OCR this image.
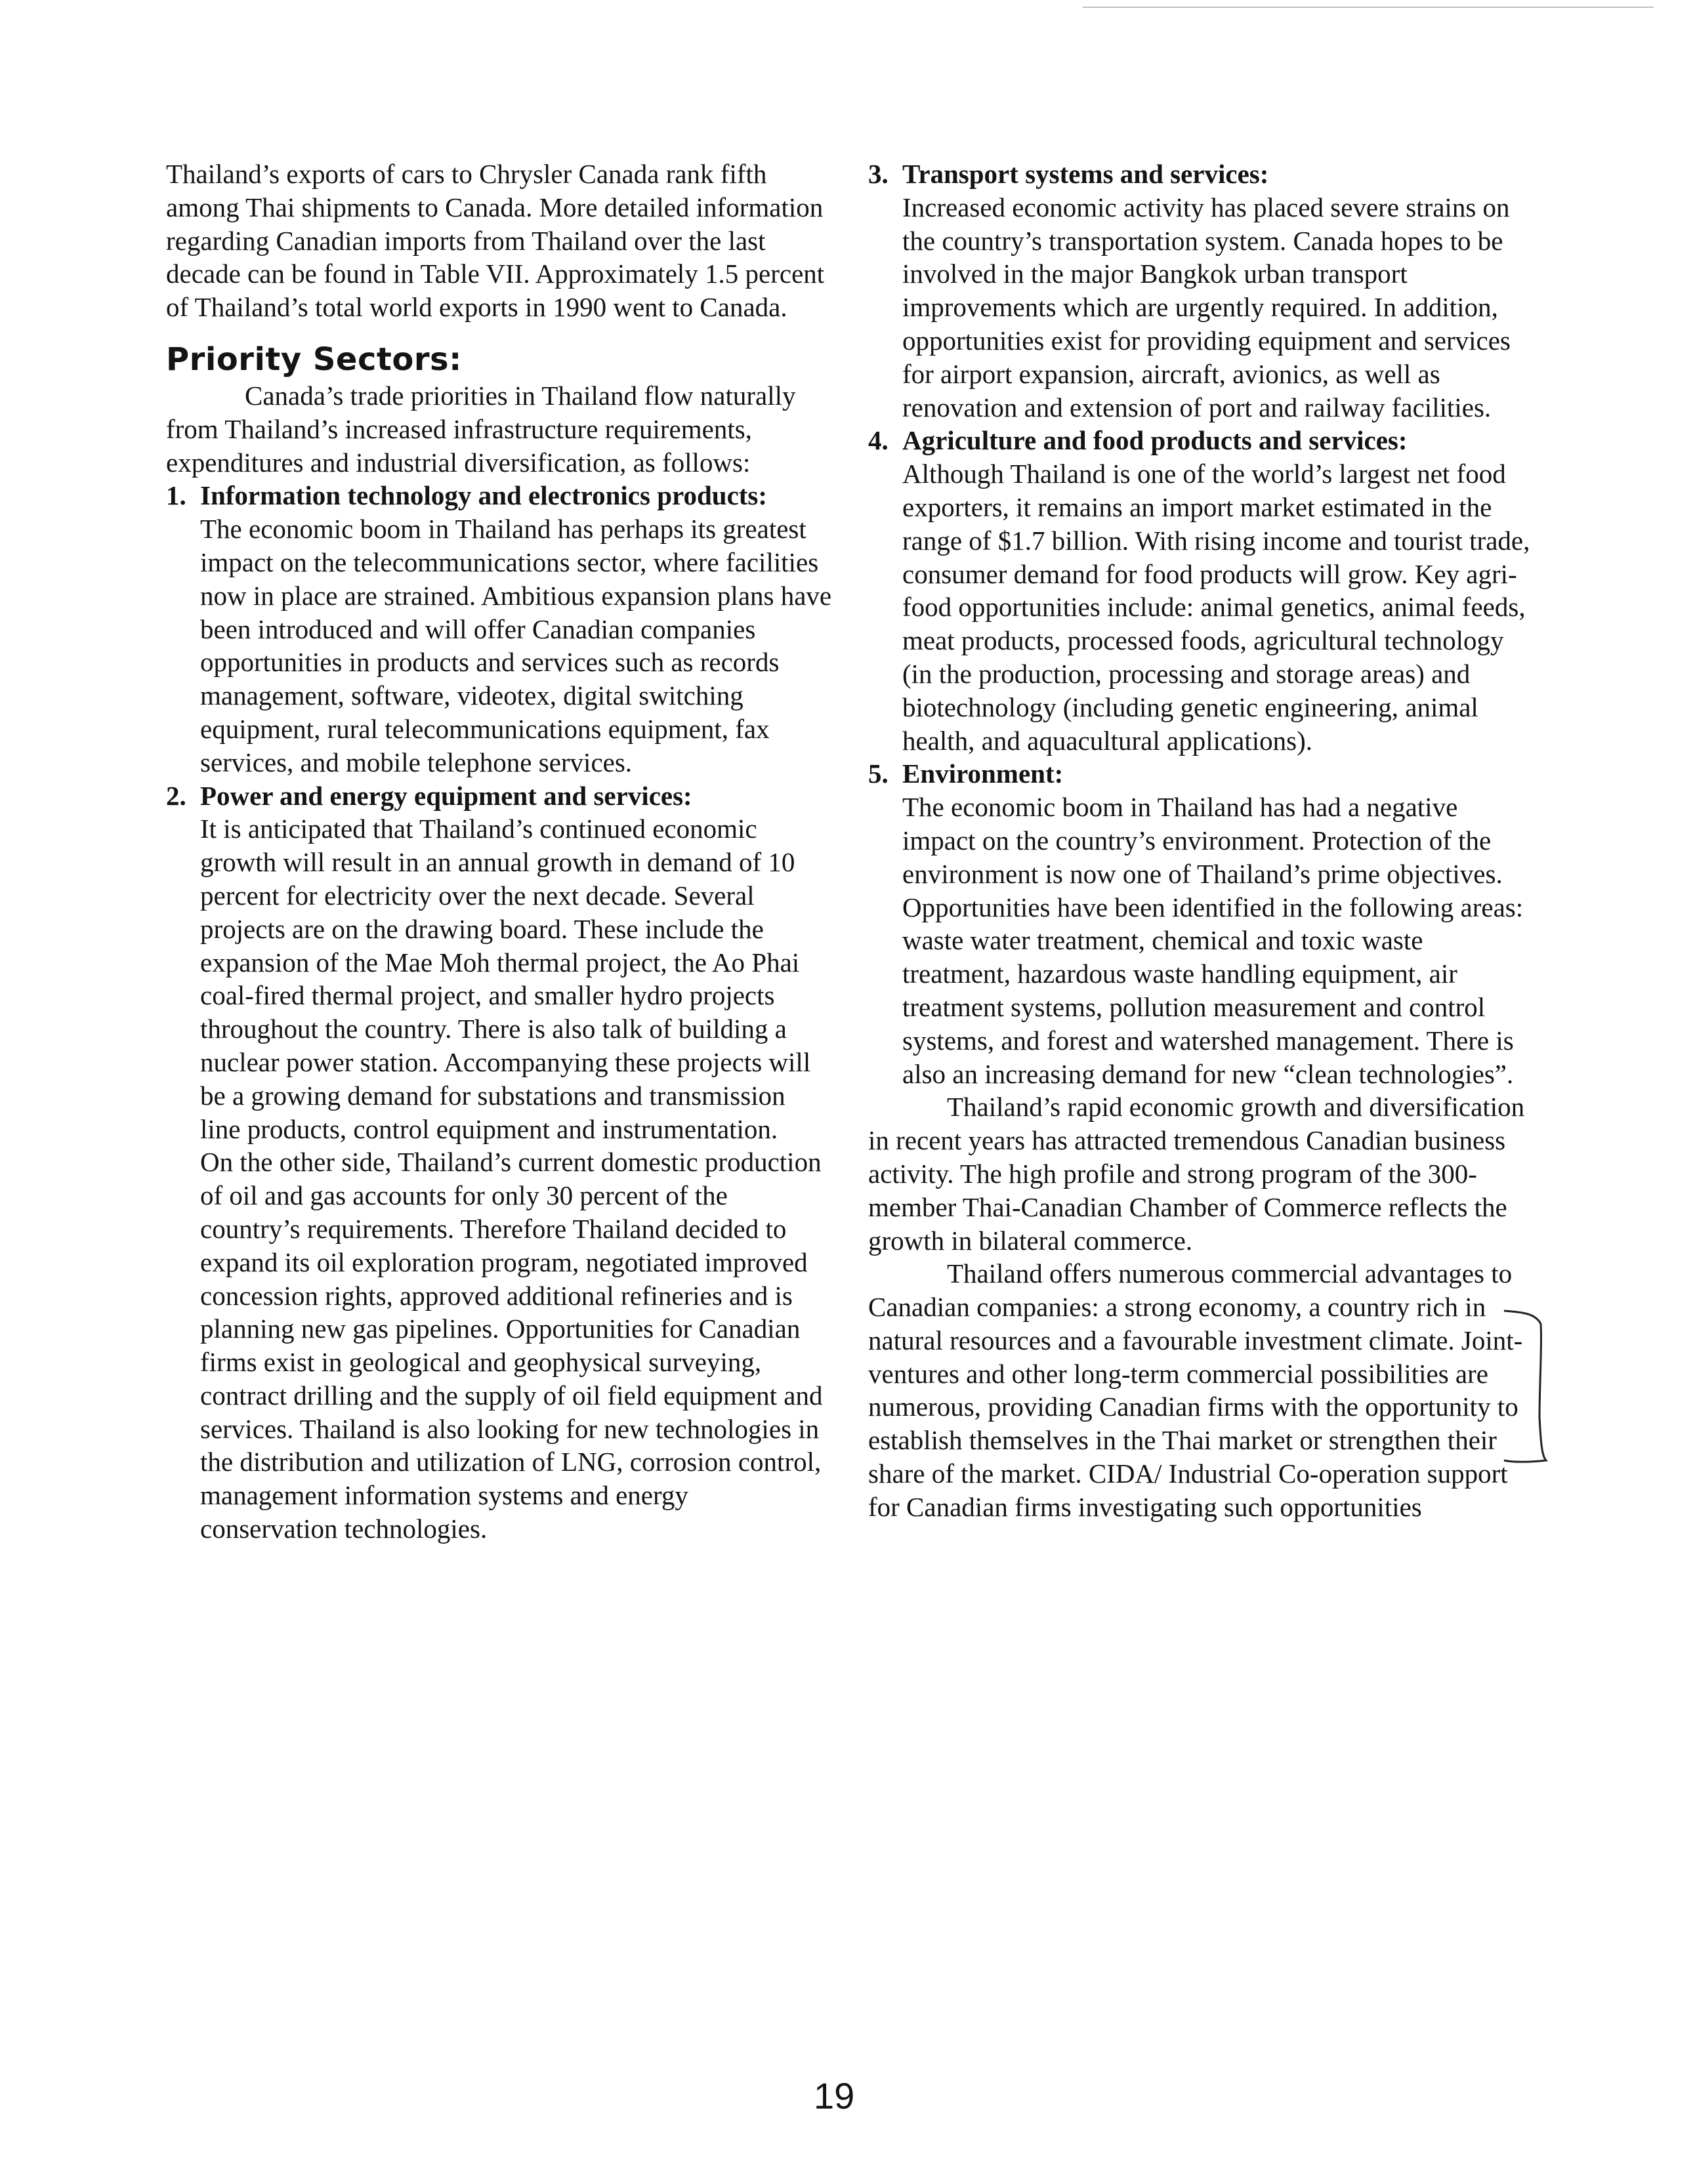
Thailand’s exports of cars to Chrysler Canada rank fifth among Thai shipments to Canada. More detailed information regarding Canadian imports from Thailand over the last decade can be found in Table VII. Approximately 1.5 percent of Thailand’s total world exports in 1990 went to Canada.

Priority Sectors:

Canada’s trade priorities in Thailand flow naturally from Thailand’s increased infrastructure requirements, expenditures and industrial diversification, as follows:

1. Information technology and electronics products:

The economic boom in Thailand has perhaps its greatest impact on the telecommunications sector, where facilities now in place are strained. Ambitious expansion plans have been introduced and will offer Canadian companies opportunities in products and services such as records management, software, videotex, digital switching equipment, rural telecommunications equipment, fax services, and mobile telephone services.

2. Power and energy equipment and services:

It is anticipated that Thailand’s continued economic growth will result in an annual growth in demand of 10 percent for electricity over the next decade. Several projects are on the drawing board. These include the expansion of the Mae Moh thermal project, the Ao Phai coal-fired thermal project, and smaller hydro projects throughout the country. There is also talk of building a nuclear power station. Accompanying these projects will be a growing demand for substations and transmission line products, control equipment and instrumentation.

On the other side, Thailand’s current domestic production of oil and gas accounts for only 30 percent of the country’s requirements. Therefore Thailand decided to expand its oil exploration program, negotiated improved concession rights, approved additional refineries and is planning new gas pipelines. Opportunities for Canadian firms exist in geological and geophysical surveying, contract drilling and the supply of oil field equipment and services. Thailand is also looking for new technologies in the distribution and utilization of LNG, corrosion control, management information systems and energy conservation technologies.

3. Transport systems and services:

Increased economic activity has placed severe strains on the country’s transportation system. Canada hopes to be involved in the major Bangkok urban transport improvements which are urgently required. In addition, opportunities exist for providing equipment and services for airport expansion, aircraft, avionics, as well as renovation and extension of port and railway facilities.

4. Agriculture and food products and services:

Although Thailand is one of the world’s largest net food exporters, it remains an import market estimated in the range of $1.7 billion. With rising income and tourist trade, consumer demand for food products will grow. Key agri-food opportunities include: animal genetics, animal feeds, meat products, processed foods, agricultural technology (in the production, processing and storage areas) and biotechnology (including genetic engineering, animal health, and aquacultural applications).

5. Environment:

The economic boom in Thailand has had a negative impact on the country’s environment. Protection of the environment is now one of Thailand’s prime objectives. Opportunities have been identified in the following areas: waste water treatment, chemical and toxic waste treatment, hazardous waste handling equipment, air treatment systems, pollution measurement and control systems, and forest and watershed management. There is also an increasing demand for new “clean technologies”.

Thailand’s rapid economic growth and diversification in recent years has attracted tremendous Canadian business activity. The high profile and strong program of the 300-member Thai-Canadian Chamber of Commerce reflects the growth in bilateral commerce.

Thailand offers numerous commercial advantages to Canadian companies: a strong economy, a country rich in natural resources and a favourable investment climate. Joint-ventures and other long-term commercial possibilities are numerous, providing Canadian firms with the opportunity to establish themselves in the Thai market or strengthen their share of the market. CIDA/ Industrial Co-operation support for Canadian firms investigating such opportunities

19
